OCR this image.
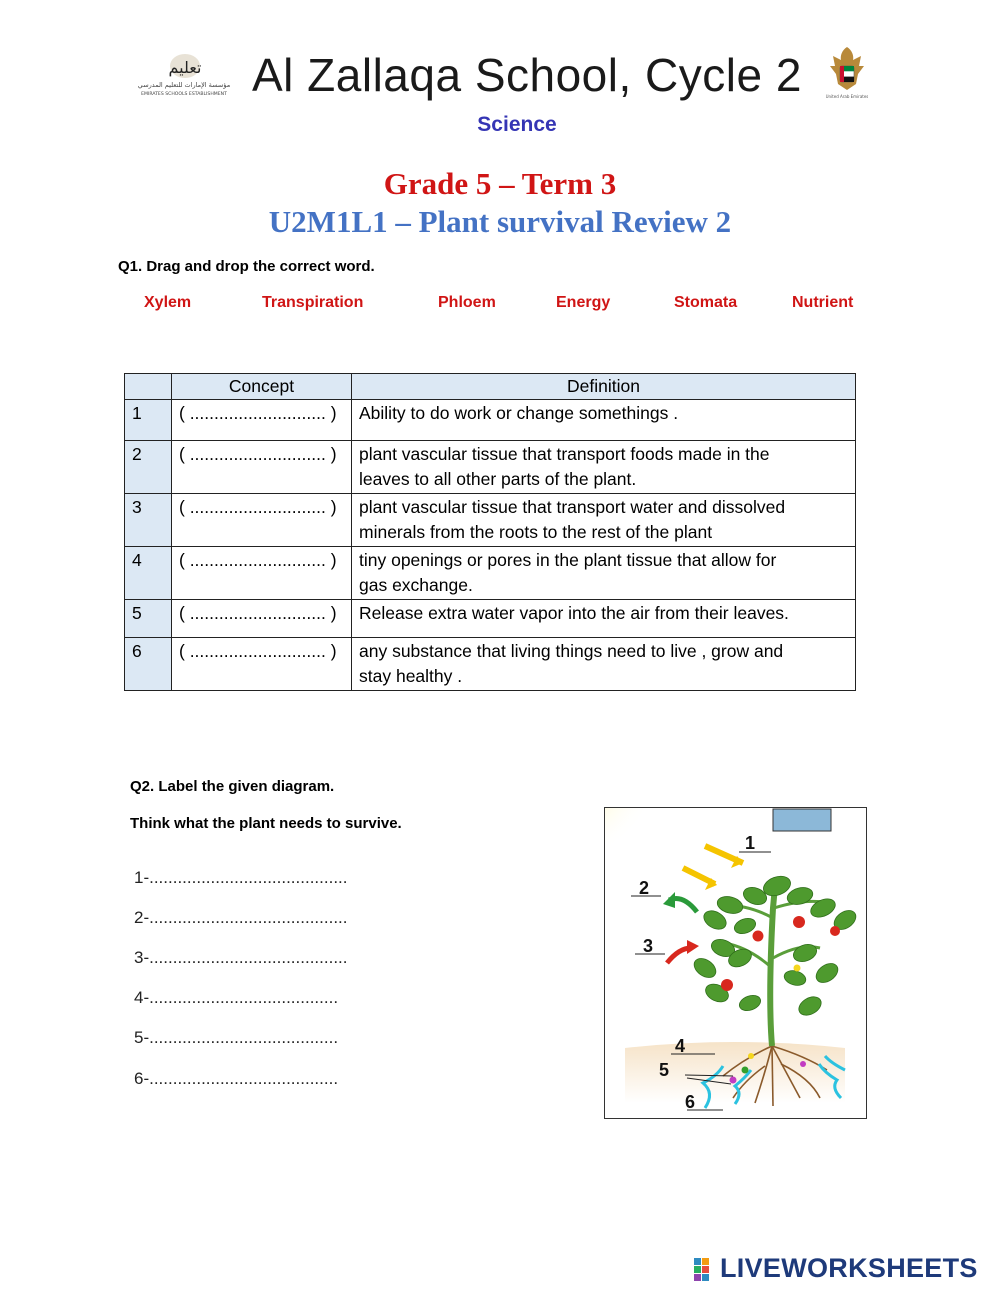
تعليم
مؤسسة الإمارات للتعليم المدرسي
EMIRATES SCHOOLS ESTABLISHMENT Al Zallaqa School, Cycle 2	United Arab Emirates
Science
Grade 5 – Term 3
U2M1L1 – Plant survival Review 2
Q1. Drag and drop the correct word.
Xylem	Transpiration	Phloem	Energy	Stomata	Nutrient
	Concept	Definition
1	( ............................ )	Ability to do work or change somethings .

2	( ............................ )	plant vascular tissue that transport foods made in the
leaves to all other parts of the plant.

3	( ............................ )	plant vascular tissue that transport water and dissolved
minerals from the roots to the rest of the plant

4	( ............................ )	tiny openings or pores in the plant tissue that allow for
gas exchange.

5	( ............................ )	Release extra water vapor into the air from their leaves.

6	( ............................ )	any substance that living things need to live , grow and
stay healthy .
Q2. Label the given diagram.
Think what the plant needs to survive.
1-..........................................
2-..........................................
3-..........................................
4-........................................
5-........................................
6-........................................
1
2
3
4
5
6
LIVEWORKSHEETS
